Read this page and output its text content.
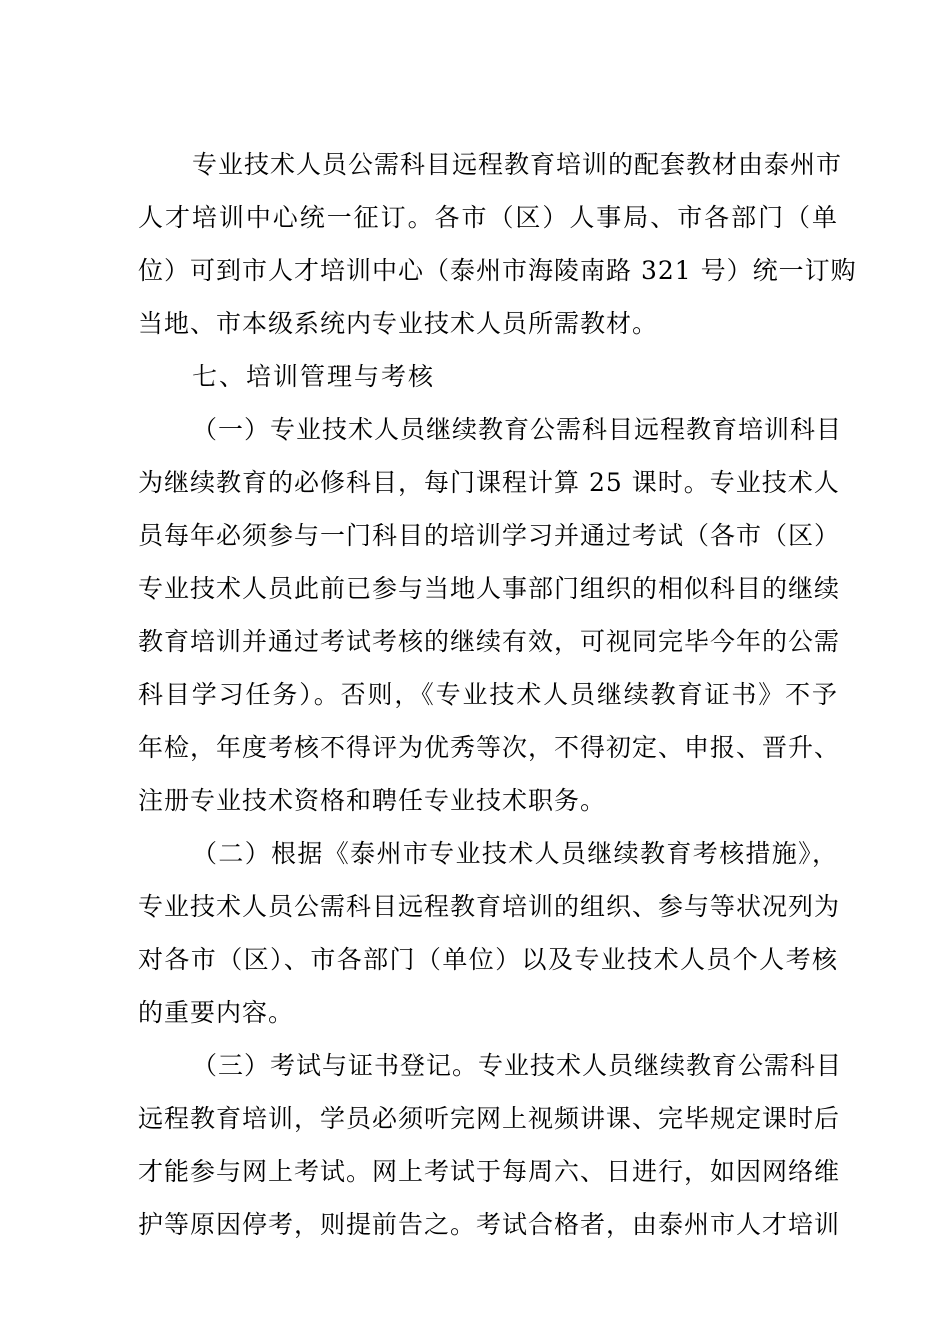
专业技术人员公需科目远程教育培训的配套教材由泰州市
人才培训中心统一征订。各市（区）人事局、市各部门（单
位）可到市人才培训中心（泰州市海陵南路 321 号）统一订购
当地、市本级系统内专业技术人员所需教材。
七、培训管理与考核
（一）专业技术人员继续教育公需科目远程教育培训科目
为继续教育的必修科目，每门课程计算 25 课时。专业技术人
员每年必须参与一门科目的培训学习并通过考试（各市（区）
专业技术人员此前已参与当地人事部门组织的相似科目的继续
教育培训并通过考试考核的继续有效，可视同完毕今年的公需
科目学习任务）。否则，《专业技术人员继续教育证书》不予
年检，年度考核不得评为优秀等次，不得初定、申报、晋升、
注册专业技术资格和聘任专业技术职务。
（二）根据《泰州市专业技术人员继续教育考核措施》，
专业技术人员公需科目远程教育培训的组织、参与等状况列为
对各市（区）、市各部门（单位）以及专业技术人员个人考核
的重要内容。
（三）考试与证书登记。专业技术人员继续教育公需科目
远程教育培训，学员必须听完网上视频讲课、完毕规定课时后
才能参与网上考试。网上考试于每周六、日进行，如因网络维
护等原因停考，则提前告之。考试合格者，由泰州市人才培训
